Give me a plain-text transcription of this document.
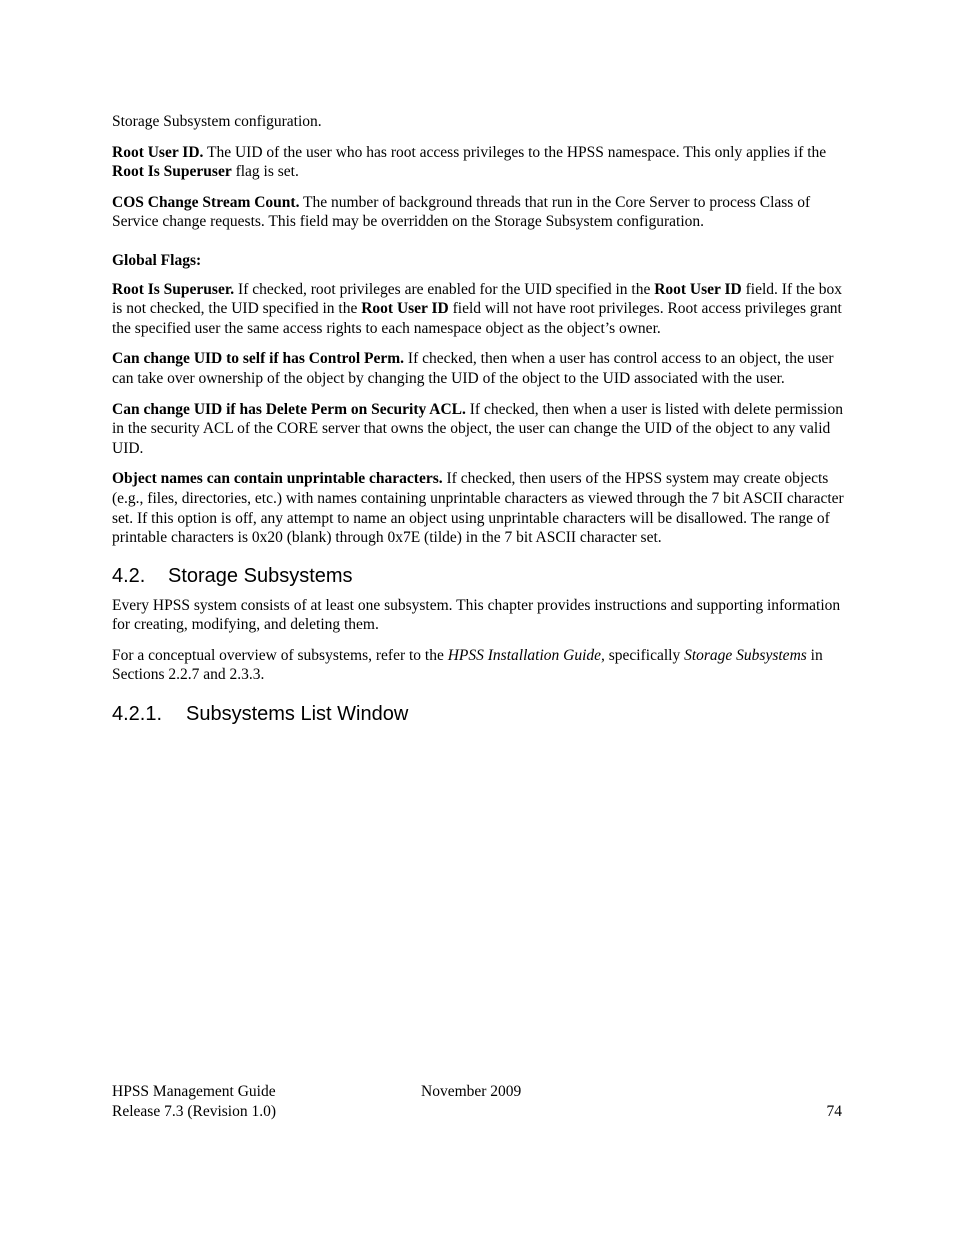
Storage Subsystem configuration.

Root User ID. The UID of the user who has root access privileges to the HPSS namespace. This only applies if the Root Is Superuser flag is set.

COS Change Stream Count. The number of background threads that run in the Core Server to process Class of Service change requests. This field may be overridden on the Storage Subsystem configuration.

Global Flags:

Root Is Superuser. If checked, root privileges are enabled for the UID specified in the Root User ID field. If the box is not checked, the UID specified in the Root User ID field will not have root privileges. Root access privileges grant the specified user the same access rights to each namespace object as the object’s owner.

Can change UID to self if has Control Perm. If checked, then when a user has control access to an object, the user can take over ownership of the object by changing the UID of the object to the UID associated with the user.

Can change UID if has Delete Perm on Security ACL. If checked, then when a user is listed with delete permission in the security ACL of the CORE server that owns the object, the user can change the UID of the object to any valid UID.

Object names can contain unprintable characters. If checked, then users of the HPSS system may create objects (e.g., files, directories, etc.) with names containing unprintable characters as viewed through the 7 bit ASCII character set. If this option is off, any attempt to name an object using unprintable characters will be disallowed. The range of printable characters is 0x20 (blank) through 0x7E (tilde) in the 7 bit ASCII character set.

4.2. Storage Subsystems

Every HPSS system consists of at least one subsystem. This chapter provides instructions and supporting information for creating, modifying, and deleting them.

For a conceptual overview of subsystems, refer to the HPSS Installation Guide, specifically Storage Subsystems in Sections 2.2.7 and 2.3.3.

4.2.1. Subsystems List Window
HPSS Management Guide	November 2009
Release 7.3 (Revision 1.0)	74
